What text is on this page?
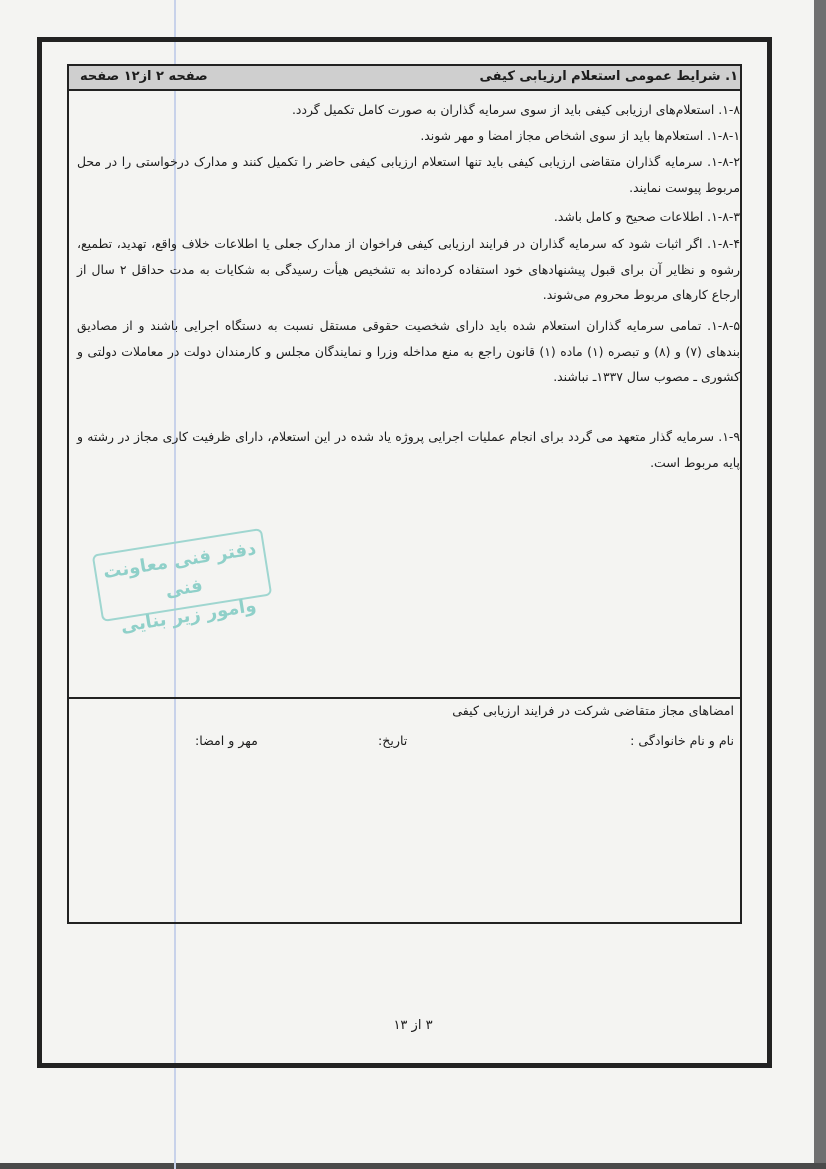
۱. شرایط عمومی استعلام ارزیابی کیفی
صفحه ۲ از۱۲ صفحه
۱-۸. استعلام‌های ارزیابی کیفی باید از سوی سرمایه گذاران به صورت کامل تکمیل گردد.
۱-۸-۱. استعلام‌ها باید از سوی اشخاص مجاز امضا و مهر شوند.
۱-۸-۲. سرمایه گذاران متقاضی ارزیابی کیفی باید تنها استعلام ارزیابی کیفی حاضر را تکمیل کنند و مدارک درخواستی را در محل مربوط پیوست نمایند.
۱-۸-۳. اطلاعات صحیح و کامل باشد.
۱-۸-۴. اگر اثبات شود که سرمایه گذاران در فرایند ارزیابی کیفی فراخوان از مدارک جعلی یا اطلاعات خلاف واقع، تهدید، تطمیع، رشوه و نظایر آن برای قبول پیشنهادهای خود استفاده کرده‌اند به تشخیص هیأت رسیدگی به شکایات به مدت حداقل ۲ سال از ارجاع کارهای مربوط محروم می‌شوند.
۱-۸-۵. تمامی سرمایه گذاران استعلام شده باید دارای شخصیت حقوقی مستقل نسبت به دستگاه اجرایی باشند و از مصادیق بندهای (۷) و (۸) و تبصره (۱) ماده (۱) قانون راجع به منع مداخله وزرا و نمایندگان مجلس و کارمندان دولت در معاملات دولتی و کشوری ـ مصوب سال ۱۳۳۷ـ نباشند.
۱-۹. سرمایه گذار متعهد می گردد برای انجام عملیات اجرایی پروژه یاد شده در این استعلام، دارای ظرفیت کاری مجاز در رشته و پایه مربوط است.
دفتر فنی معاونت فنی
وامور زیر بنایی
امضاهای مجاز متقاضی شرکت در فرایند ارزیابی کیفی
نام و نام خانوادگی :
تاریخ:
مهر و امضا:
۳ از ۱۳
